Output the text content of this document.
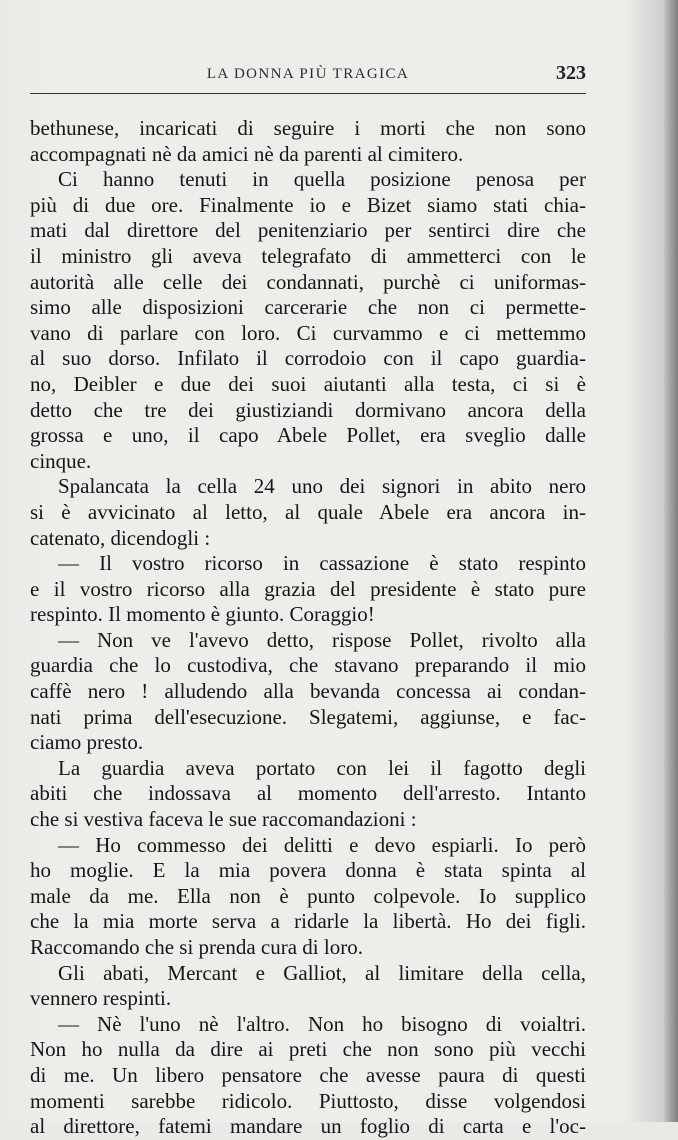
LA DONNA PIÙ TRAGICA	323
bethunese, incaricati di seguire i morti che non sono
accompagnati nè da amici nè da parenti al cimitero.
Ci hanno tenuti in quella posizione penosa per
più di due ore. Finalmente io e Bizet siamo stati chia-
mati dal direttore del penitenziario per sentirci dire che
il ministro gli aveva telegrafato di ammetterci con le
autorità alle celle dei condannati, purchè ci uniformas-
simo alle disposizioni carcerarie che non ci permette-
vano di parlare con loro. Ci curvammo e ci mettemmo
al suo dorso. Infilato il corrodoio con il capo guardia-
no, Deibler e due dei suoi aiutanti alla testa, ci si è
detto che tre dei giustiziandi dormivano ancora della
grossa e uno, il capo Abele Pollet, era sveglio dalle
cinque.
Spalancata la cella 24 uno dei signori in abito nero
si è avvicinato al letto, al quale Abele era ancora in-
catenato, dicendogli :
— Il vostro ricorso in cassazione è stato respinto
e il vostro ricorso alla grazia del presidente è stato pure
respinto. Il momento è giunto. Coraggio!
— Non ve l'avevo detto, rispose Pollet, rivolto alla
guardia che lo custodiva, che stavano preparando il mio
caffè nero ! alludendo alla bevanda concessa ai condan-
nati prima dell'esecuzione. Slegatemi, aggiunse, e fac-
ciamo presto.
La guardia aveva portato con lei il fagotto degli
abiti che indossava al momento dell'arresto. Intanto
che si vestiva faceva le sue raccomandazioni :
— Ho commesso dei delitti e devo espiarli. Io però
ho moglie. E la mia povera donna è stata spinta al
male da me. Ella non è punto colpevole. Io supplico
che la mia morte serva a ridarle la libertà. Ho dei figli.
Raccomando che si prenda cura di loro.
Gli abati, Mercant e Galliot, al limitare della cella,
vennero respinti.
— Nè l'uno nè l'altro. Non ho bisogno di voialtri.
Non ho nulla da dire ai preti che non sono più vecchi
di me. Un libero pensatore che avesse paura di questi
momenti sarebbe ridicolo. Piuttosto, disse volgendosi
al direttore, fatemi mandare un foglio di carta e l'oc-
